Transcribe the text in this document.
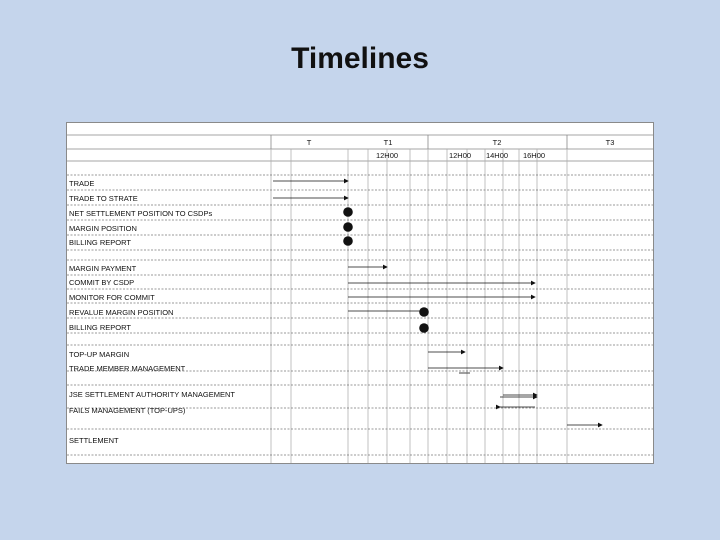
Timelines
T	T1	T2	T3
12H00	12H00 14H00 16H00
TRADE
TRADE TO STRATE
NET SETTLEMENT POSITION TO CSDPs
MARGIN POSITION
BILLING REPORT
MARGIN PAYMENT
COMMIT BY CSDP
MONITOR FOR COMMIT
REVALUE MARGIN POSITION
BILLING REPORT
TOP-UP MARGIN
TRADE MEMBER MANAGEMENT
JSE SETTLEMENT AUTHORITY MANAGEMENT
FAILS MANAGEMENT (TOP-UPS)
SETTLEMENT
